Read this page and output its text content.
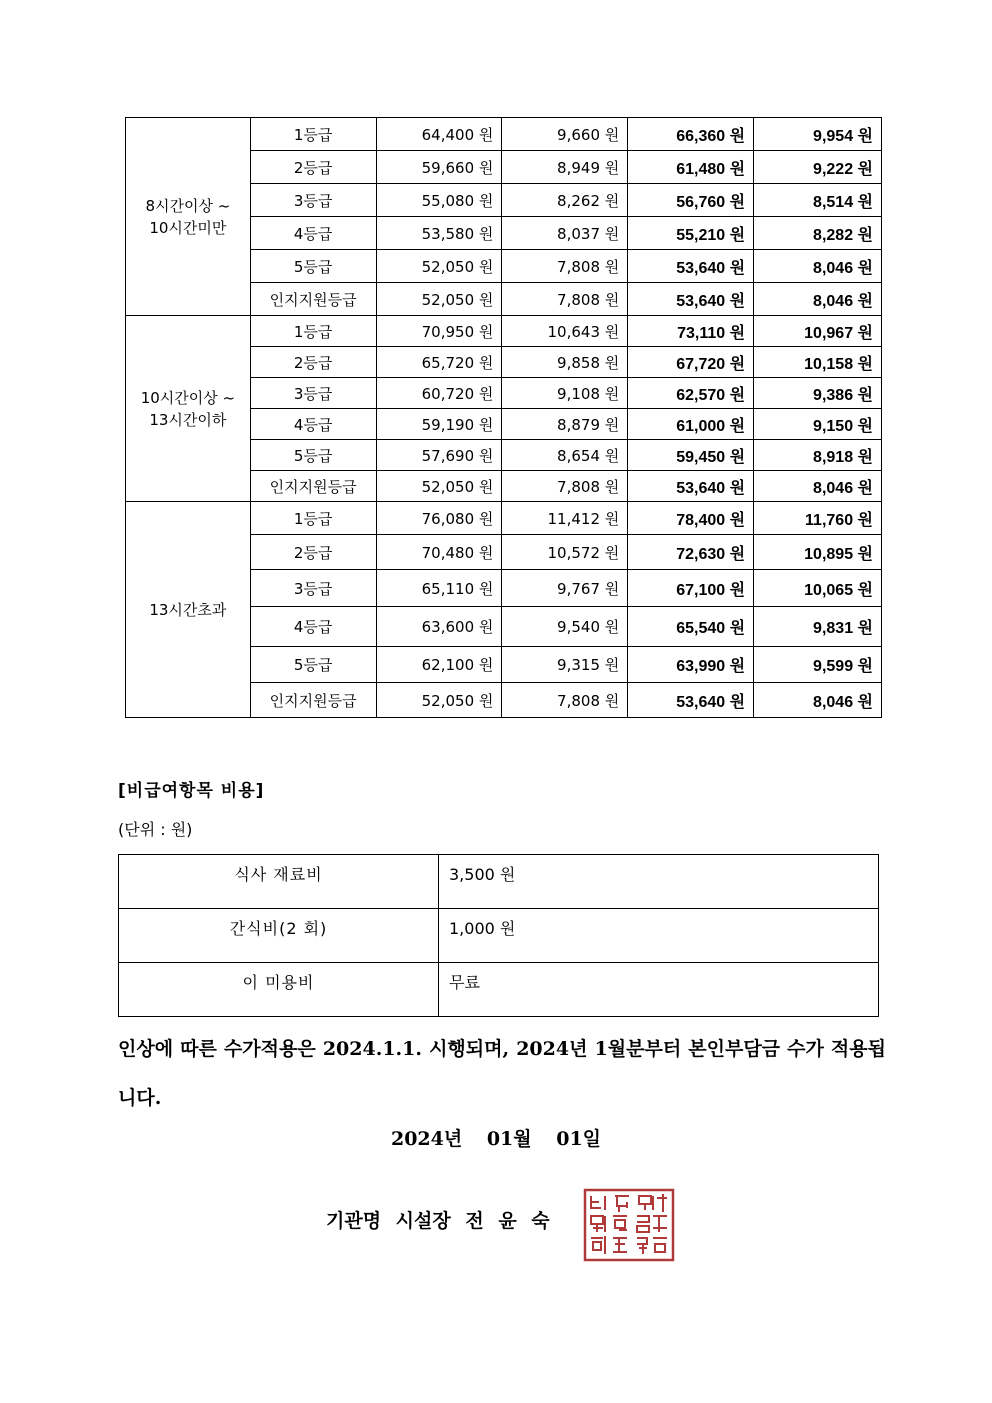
8시간이상 ~
10시간미만	1등급	64,400 원	9,660 원	66,360 원	9,954 원
	2등급	59,660 원	8,949 원	61,480 원	9,222 원
	3등급	55,080 원	8,262 원	56,760 원	8,514 원
	4등급	53,580 원	8,037 원	55,210 원	8,282 원
	5등급	52,050 원	7,808 원	53,640 원	8,046 원
	인지지원등급	52,050 원	7,808 원	53,640 원	8,046 원

10시간이상 ~
13시간이하	1등급	70,950 원	10,643 원	73,110 원	10,967 원
	2등급	65,720 원	9,858 원	67,720 원	10,158 원
	3등급	60,720 원	9,108 원	62,570 원	9,386 원
	4등급	59,190 원	8,879 원	61,000 원	9,150 원
	5등급	57,690 원	8,654 원	59,450 원	8,918 원
	인지지원등급	52,050 원	7,808 원	53,640 원	8,046 원

13시간초과	1등급	76,080 원	11,412 원	78,400 원	11,760 원
	2등급	70,480 원	10,572 원	72,630 원	10,895 원
	3등급	65,110 원	9,767 원	67,100 원	10,065 원
	4등급	63,600 원	9,540 원	65,540 원	9,831 원
	5등급	62,100 원	9,315 원	63,990 원	9,599 원
	인지지원등급	52,050 원	7,808 원	53,640 원	8,046 원
[비급여항목 비용]
(단위 : 원)
식사 재료비	3,500 원
간식비(2 회)	1,000 원
이 미용비	무료
인상에 따른 수가적용은 2024.1.1. 시행되며, 2024년 1월분부터 본인부담금 수가 적용됩니다.
2024년 01월 01일
기관명 시설장 전 윤 숙
